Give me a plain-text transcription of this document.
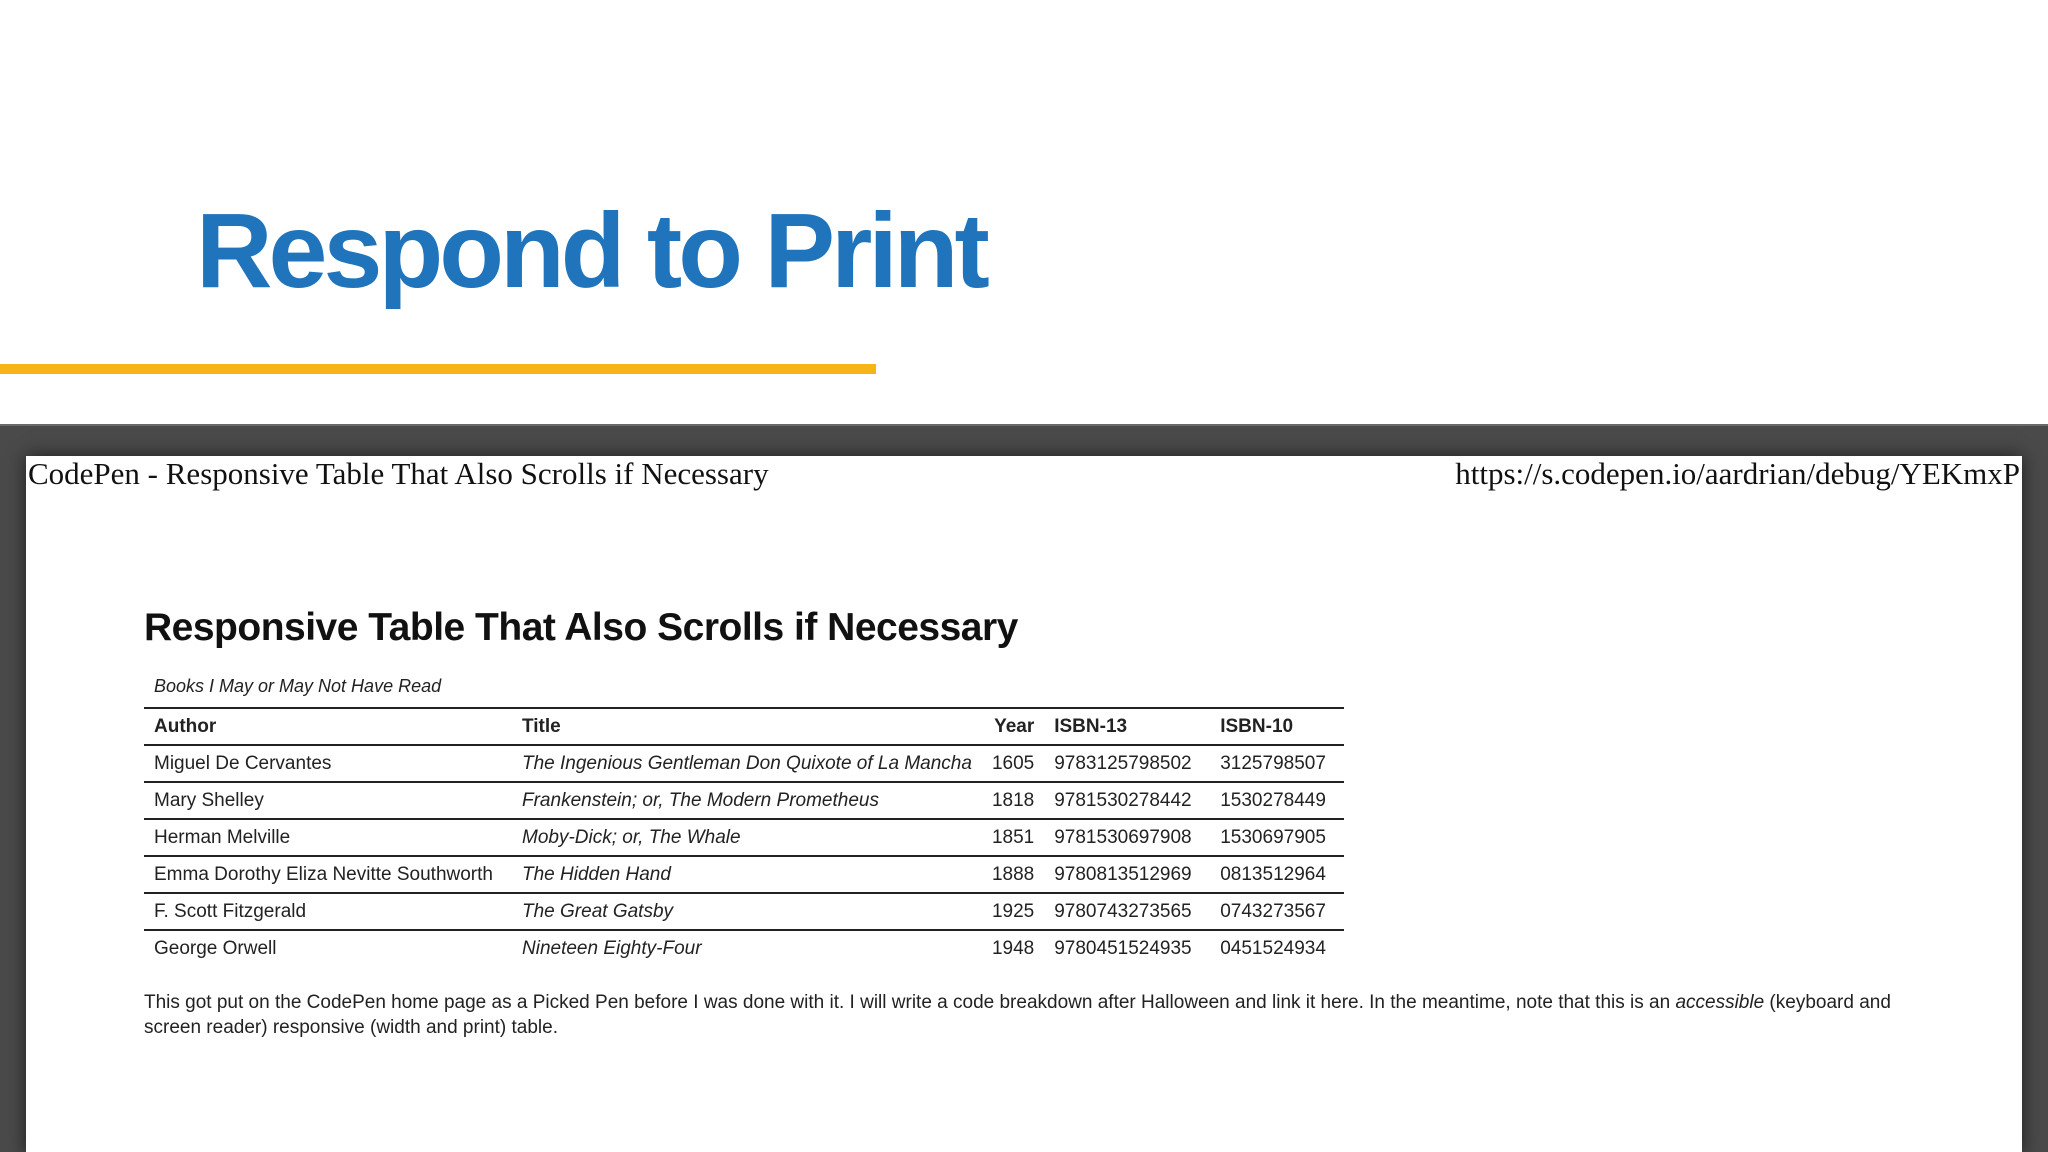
Respond to Print
CodePen - Responsive Table That Also Scrolls if Necessary	https://s.codepen.io/aardrian/debug/YEKmxP
Responsive Table That Also Scrolls if Necessary
Books I May or May Not Have Read
Author	Title	Year	ISBN-13	ISBN-10
Miguel De Cervantes	The Ingenious Gentleman Don Quixote of La Mancha	1605	9783125798502	3125798507
Mary Shelley	Frankenstein; or, The Modern Prometheus	1818	9781530278442	1530278449
Herman Melville	Moby-Dick; or, The Whale	1851	9781530697908	1530697905
Emma Dorothy Eliza Nevitte Southworth	The Hidden Hand	1888	9780813512969	0813512964
F. Scott Fitzgerald	The Great Gatsby	1925	9780743273565	0743273567
George Orwell	Nineteen Eighty-Four	1948	9780451524935	0451524934

This got put on the CodePen home page as a Picked Pen before I was done with it. I will write a code breakdown after Halloween and link it here. In the meantime, note that this is an accessible (keyboard and screen reader) responsive (width and print) table.
